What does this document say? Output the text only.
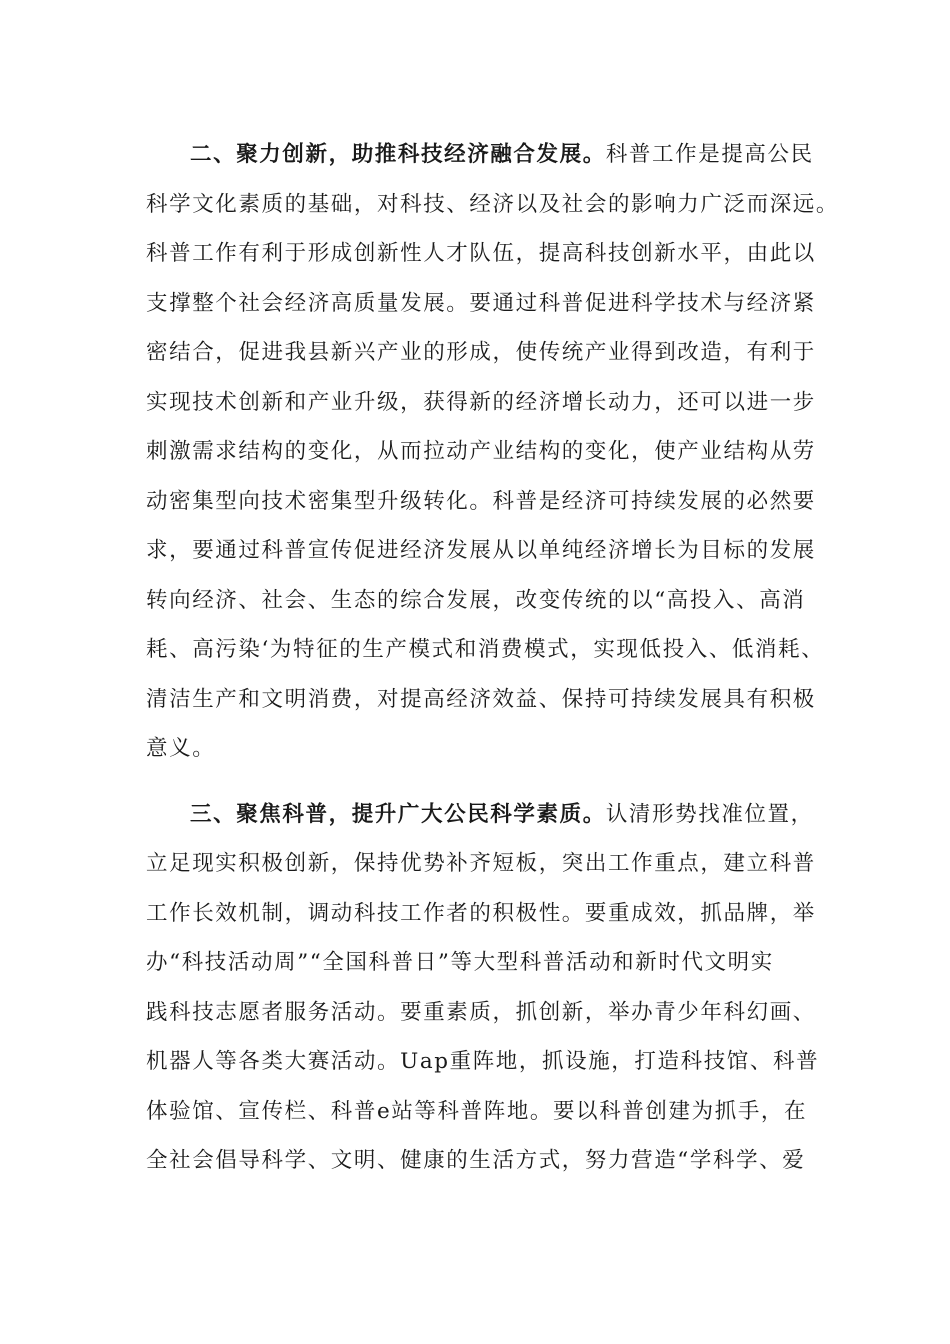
二、聚力创新，助推科技经济融合发展。科普工作是提高公民
科学文化素质的基础，对科技、经济以及社会的影响力广泛而深远。
科普工作有利于形成创新性人才队伍，提高科技创新水平，由此以
支撑整个社会经济高质量发展。要通过科普促进科学技术与经济紧
密结合，促进我县新兴产业的形成，使传统产业得到改造，有利于
实现技术创新和产业升级，获得新的经济增长动力，还可以进一步
刺激需求结构的变化，从而拉动产业结构的变化，使产业结构从劳
动密集型向技术密集型升级转化。科普是经济可持续发展的必然要
求，要通过科普宣传促进经济发展从以单纯经济增长为目标的发展
转向经济、社会、生态的综合发展，改变传统的以“高投入、高消
耗、高污染‘为特征的生产模式和消费模式，实现低投入、低消耗、
清洁生产和文明消费，对提高经济效益、保持可持续发展具有积极
意义。
三、聚焦科普，提升广大公民科学素质。认清形势找准位置，
立足现实积极创新，保持优势补齐短板，突出工作重点，建立科普
工作长效机制，调动科技工作者的积极性。要重成效，抓品牌，举
办“科技活动周”“全国科普日”等大型科普活动和新时代文明实
践科技志愿者服务活动。要重素质，抓创新，举办青少年科幻画、
机器人等各类大赛活动。Uap重阵地，抓设施，打造科技馆、科普
体验馆、宣传栏、科普e站等科普阵地。要以科普创建为抓手，在
全社会倡导科学、文明、健康的生活方式，努力营造“学科学、爱
